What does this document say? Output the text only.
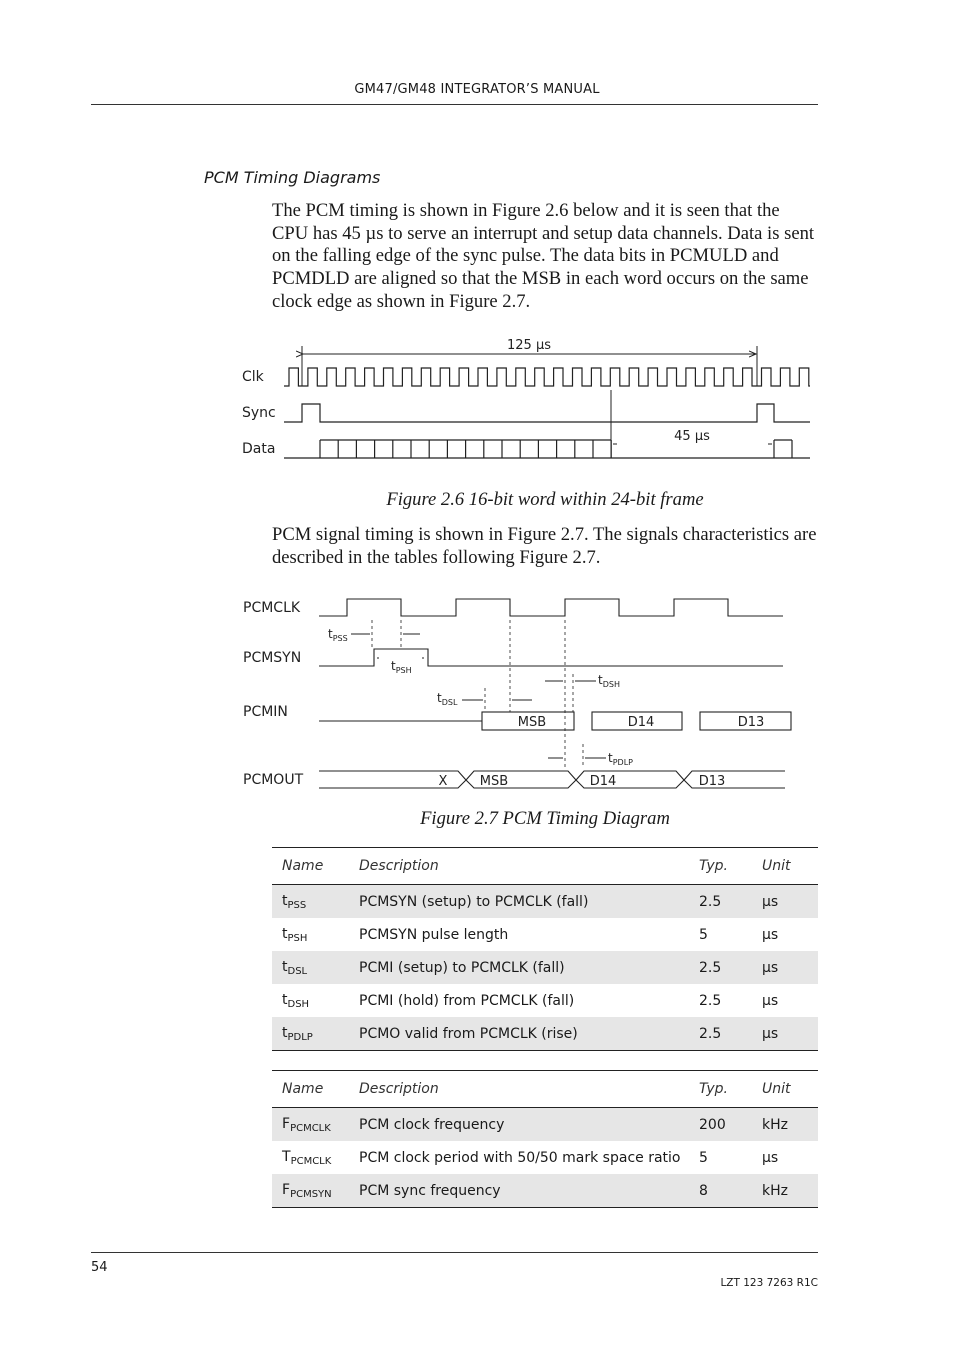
GM47/GM48 INTEGRATOR’S MANUAL
PCM Timing Diagrams
The PCM timing is shown in Figure 2.6 below and it is seen that the CPU has 45 µs to serve an interrupt and setup data channels. Data is sent on the falling edge of the sync pulse. The data bits in PCMULD and PCMDLD are aligned so that the MSB in each word occurs on the same clock edge as shown in Figure 2.7.
Clk
Sync
Data
125 µs
45 µs
Figure 2.6 16-bit word within 24-bit frame
PCM signal timing is shown in Figure 2.7. The signals characteristics are described in the tables following Figure 2.7.
PCMCLK
PCMSYN
PCMIN
PCMOUT
$t_{PSS}$
$t_{PSH}$
$t_{DSL}$
$t_{DSH}$
$t_{PDLP}$
MSB	D14	D13
X MSB	D14	D13
Figure 2.7 PCM Timing Diagram
Name	Description	Typ.	Unit
$t_{PSS}$	PCMSYN (setup) to PCMCLK (fall)	2.5	µs
$t_{PSH}$	PCMSYN pulse length	5	µs
$t_{DSL}$	PCMI (setup) to PCMCLK (fall)	2.5	µs
$t_{DSH}$	PCMI (hold) from PCMCLK (fall)	2.5	µs
$t_{PDLP}$	PCMO valid from PCMCLK (rise)	2.5	µs
Name	Description	Typ.	Unit
$F_{PCMCLK}$	PCM clock frequency	200	kHz
$T_{PCMCLK}$	PCM clock period with 50/50 mark space ratio	5	µs
$F_{PCMSYN}$	PCM sync frequency	8	kHz
54
LZT 123 7263 R1C
